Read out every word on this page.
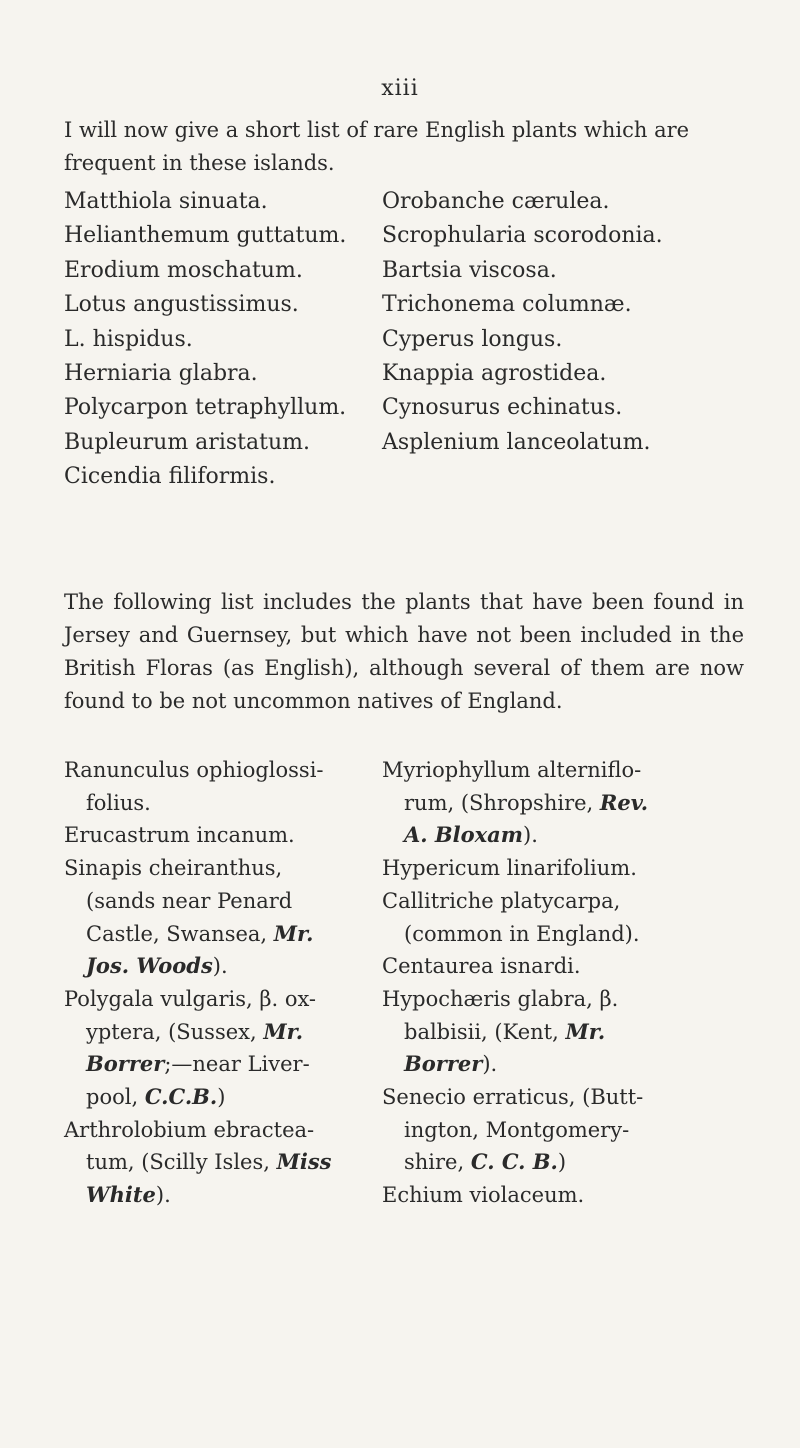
xiii
I will now give a short list of rare English plants which are frequent in these islands.
Matthiola sinuata.
Helianthemum guttatum.
Erodium moschatum.
Lotus angustissimus.
L. hispidus.
Herniaria glabra.
Polycarpon tetraphyllum.
Bupleurum aristatum.
Cicendia filiformis.
Orobanche cærulea.
Scrophularia scorodonia.
Bartsia viscosa.
Trichonema columnæ.
Cyperus longus.
Knappia agrostidea.
Cynosurus echinatus.
Asplenium lanceolatum.
The following list includes the plants that have been found in Jersey and Guernsey, but which have not been included in the British Floras (as English), although several of them are now found to be not uncommon natives of England.
Ranunculus ophioglossi-
folius.
Erucastrum incanum.
Sinapis cheiranthus,
(sands near Penard
Castle, Swansea, Mr.
Jos. Woods).
Polygala vulgaris, β. ox-
yptera, (Sussex, Mr.
Borrer;—near Liver-
pool, C.C.B.)
Arthrolobium ebractea-
tum, (Scilly Isles, Miss
White).
Myriophyllum alterniflo-
rum, (Shropshire, Rev.
A. Bloxam).
Hypericum linarifolium.
Callitriche platycarpa,
(common in England).
Centaurea isnardi.
Hypochæris glabra, β.
balbisii, (Kent, Mr.
Borrer).
Senecio erraticus, (Butt-
ington, Montgomery-
shire, C. C. B.)
Echium violaceum.
